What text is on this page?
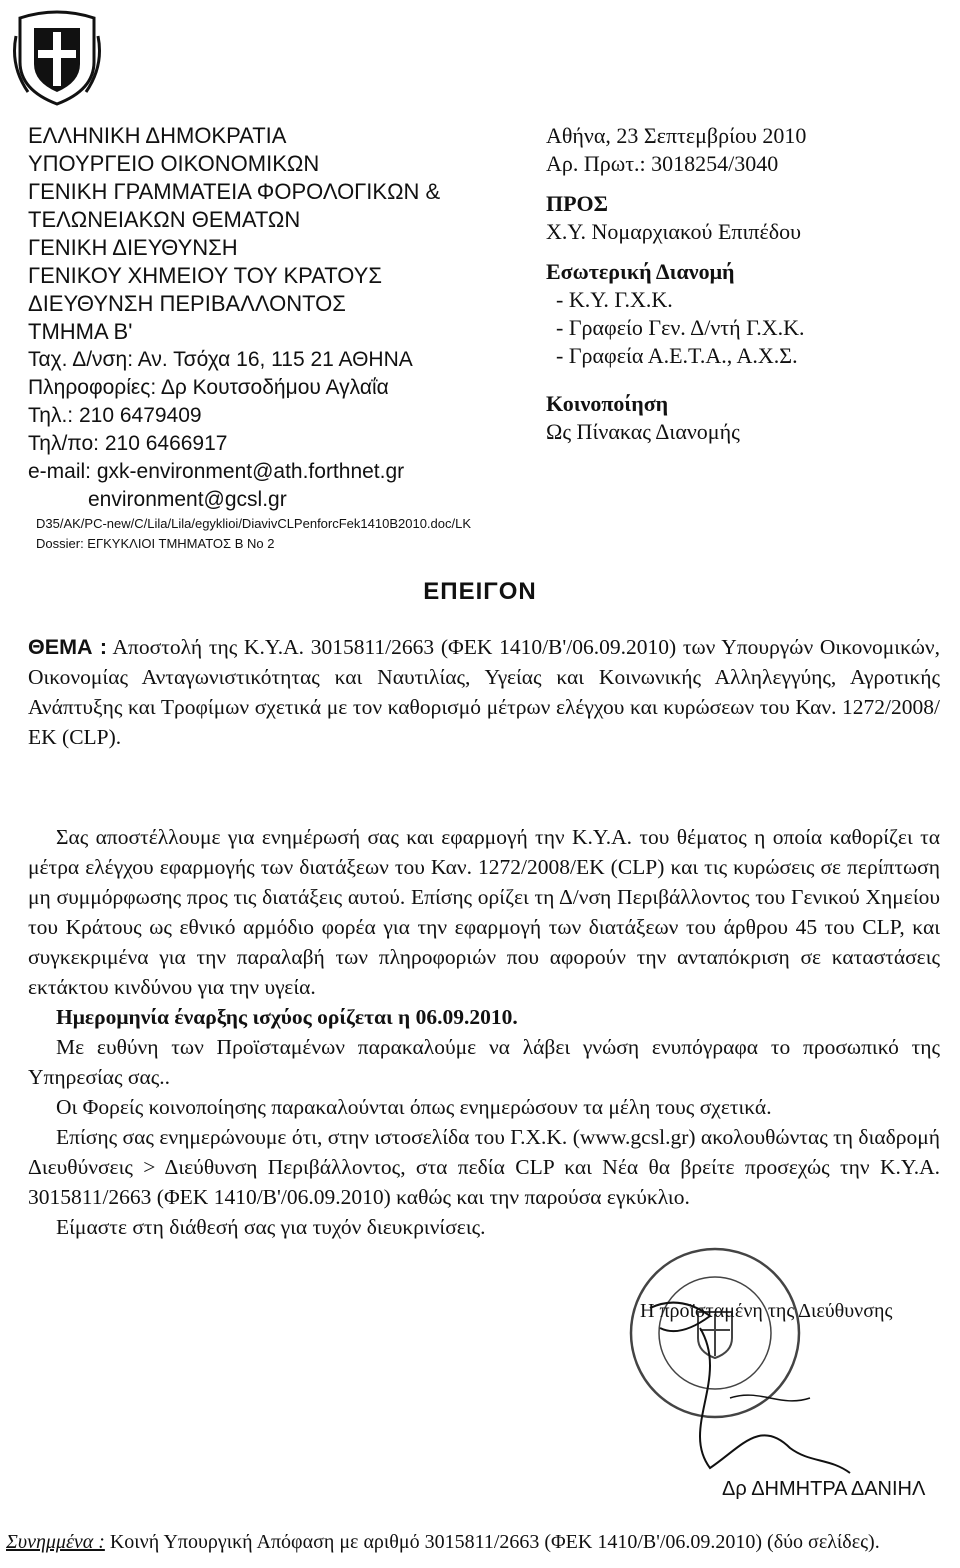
ΕΛΛΗΝΙΚΗ ΔΗΜΟΚΡΑΤΙΑ
ΥΠΟΥΡΓΕΙΟ ΟΙΚΟΝΟΜΙΚΩΝ
ΓΕΝΙΚΗ ΓΡΑΜΜΑΤΕΙΑ ΦΟΡΟΛΟΓΙΚΩΝ &
ΤΕΛΩΝΕΙΑΚΩΝ ΘΕΜΑΤΩΝ
ΓΕΝΙΚΗ ΔΙΕΥΘΥΝΣΗ
ΓΕΝΙΚΟΥ ΧΗΜΕΙΟΥ ΤΟΥ ΚΡΑΤΟΥΣ
ΔΙΕΥΘΥΝΣΗ ΠΕΡΙΒΑΛΛΟΝΤΟΣ
ΤΜΗΜΑ Β'
Ταχ. Δ/νση: Αν. Τσόχα 16, 115 21 ΑΘΗΝΑ
Πληροφορίες: Δρ Κουτσοδήμου Αγλαΐα
Τηλ.: 210 6479409
Τηλ/πο: 210 6466917
e-mail: gxk-environment@ath.forthnet.gr
environment@gcsl.gr
D35/ΑΚ/PC-new/C/Lila/Lila/egyklioi/DiavivCLPenforcFek1410B2010.doc/LK
Dossier: ΕΓΚΥΚΛΙΟΙ ΤΜΗΜΑΤΟΣ Β Νο 2
Αθήνα, 23 Σεπτεμβρίου 2010
Αρ. Πρωτ.: 3018254/3040
ΠΡΟΣ
Χ.Υ. Νομαρχιακού Επιπέδου
Εσωτερική Διανομή
- Κ.Υ. Γ.Χ.Κ.
- Γραφείο Γεν. Δ/ντή Γ.Χ.Κ.
- Γραφεία Α.Ε.Τ.Α., Α.Χ.Σ.
Κοινοποίηση
Ως Πίνακας Διανομής
ΕΠΕΙΓΟΝ
ΘΕΜΑ : Αποστολή της Κ.Υ.Α. 3015811/2663 (ΦΕΚ 1410/Β'/06.09.2010) των Υπουργών Οικονομικών, Οικονομίας Ανταγωνιστικότητας και Ναυτιλίας, Υγείας και Κοινωνικής Αλληλεγγύης, Αγροτικής Ανάπτυξης και Τροφίμων σχετικά με τον καθορισμό μέτρων ελέγχου και κυρώσεων του Καν. 1272/2008/ΕΚ (CLP).

Σας αποστέλλουμε για ενημέρωσή σας και εφαρμογή την Κ.Υ.Α. του θέματος η οποία καθορίζει τα μέτρα ελέγχου εφαρμογής των διατάξεων του Καν. 1272/2008/ΕΚ (CLP) και τις κυρώσεις σε περίπτωση μη συμμόρφωσης προς τις διατάξεις αυτού. Επίσης ορίζει τη Δ/νση Περιβάλλοντος του Γενικού Χημείου του Κράτους ως εθνικό αρμόδιο φορέα για την εφαρμογή των διατάξεων του άρθρου 45 του CLP, και συγκεκριμένα για την παραλαβή των πληροφοριών που αφορούν την ανταπόκριση σε καταστάσεις εκτάκτου κινδύνου για την υγεία.

Ημερομηνία έναρξης ισχύος ορίζεται η 06.09.2010.

Με ευθύνη των Προϊσταμένων παρακαλούμε να λάβει γνώση ενυπόγραφα το προσωπικό της Υπηρεσίας σας..

Οι Φορείς κοινοποίησης παρακαλούνται όπως ενημερώσουν τα μέλη τους σχετικά.

Επίσης σας ενημερώνουμε ότι, στην ιστοσελίδα του Γ.Χ.Κ. (www.gcsl.gr) ακολουθώντας τη διαδρομή Διευθύνσεις > Διεύθυνση Περιβάλλοντος, στα πεδία CLP και Νέα θα βρείτε προσεχώς την Κ.Υ.Α. 3015811/2663 (ΦΕΚ 1410/Β'/06.09.2010) καθώς και την παρούσα εγκύκλιο.

Είμαστε στη διάθεσή σας για τυχόν διευκρινίσεις.

Η προϊσταμένη της Διεύθυνσης
Δρ ΔΗΜΗΤΡΑ ΔΑΝΙΗΛ
Συνημμένα : Κοινή Υπουργική Απόφαση με αριθμό 3015811/2663 (ΦΕΚ 1410/Β'/06.09.2010) (δύο σελίδες).
